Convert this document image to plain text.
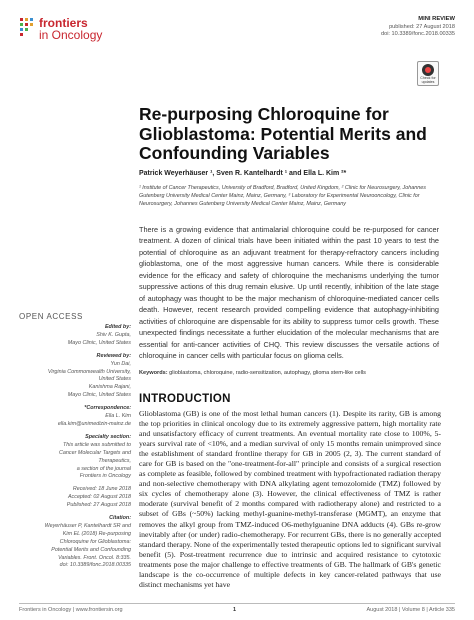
frontiers
in Oncology
MINI REVIEW
published: 27 August 2018
doi: 10.3389/fonc.2018.00335
Check for updates
Re-purposing Chloroquine for Glioblastoma: Potential Merits and Confounding Variables
Patrick Weyerhäuser ¹, Sven R. Kantelhardt ¹ and Ella L. Kim ²*
¹ Institute of Cancer Therapeutics, University of Bradford, Bradford, United Kingdom, ² Clinic for Neurosurgery, Johannes Gutenberg University Medical Center Mainz, Mainz, Germany, ³ Laboratory for Experimental Neurooncology, Clinic for Neurosurgery, Johannes Gutenberg University Medical Center Mainz, Mainz, Germany
There is a growing evidence that antimalarial chloroquine could be re-purposed for cancer treatment. A dozen of clinical trials have been initiated within the past 10 years to test the potential of chloroquine as an adjuvant treatment for therapy-refractory cancers including glioblastoma, one of the most aggressive human cancers. While there is considerable evidence for the efficacy and safety of chloroquine the mechanisms underlying the tumor suppressive actions of this drug remain elusive. Up until recently, inhibition of the late stage of autophagy was thought to be the major mechanism of chloroquine-mediated cancer cells death. However, recent research provided compelling evidence that autophagy-inhibiting activities of chloroquine are dispensable for its ability to suppress tumor cells growth. These unexpected findings necessitate a further elucidation of the molecular mechanisms that are essential for anti-cancer activities of CHQ. This review discusses the versatile actions of chloroquine in cancer cells with particular focus on glioma cells.
Keywords: glioblastoma, chloroquine, radio-sensitization, autophagy, glioma stem-like cells
OPEN ACCESS
Edited by:
Shiv K. Gupta,
Mayo Clinic, United States
Reviewed by:
Yun Dai,
Virginia Commonwealth University,
United States
Kanishma Rajani,
Mayo Clinic, United States
*Correspondence:
Ella L. Kim
ella.kim@unimedizin-mainz.de
Specialty section:
This article was submitted to
Cancer Molecular Targets and
Therapeutics,
a section of the journal
Frontiers in Oncology
Received: 18 June 2018
Accepted: 02 August 2018
Published: 27 August 2018
Citation:
Weyerhäuser P, Kantelhardt SR and
Kim EL (2018) Re-purposing
Chloroquine for Glioblastoma:
Potential Merits and Confounding
Variables. Front. Oncol. 8:335.
doi: 10.3389/fonc.2018.00335
INTRODUCTION
Glioblastoma (GB) is one of the most lethal human cancers (1). Despite its rarity, GB is among the top priorities in clinical oncology due to its extremely aggressive pattern, high mortality rate and unsatisfactory efficacy of current treatments. An eventual mortality rate close to 100%, 5-years survival rate of <10%, and a median survival of only 15 months remain unimproved since the establishment of standard frontline therapy for GB in 2005 (2, 3). The current standard of care for GB is based on the "one-treatment-for-all" principle and consists of a surgical resection as complete as feasible, followed by combined treatment with hypofractionated radiation therapy and non-selective chemotherapy with DNA alkylating agent temozolomide (TMZ) followed by six cycles of chemotherapy alone (3). However, the clinical effectiveness of TMZ is rather moderate (survival benefit of 2 months compared with radiotherapy alone) and restricted to a subset of GBs (~50%) lacking methyl-guanine-methyl-transferase (MGMT), an enzyme that removes the alkyl group from TMZ-induced O6-methylguanine DNA adducts (4). GBs re-grow inevitably after (or under) radio-chemotherapy. For recurrent GBs, there is no generally accepted standard therapy. None of the experimentally tested therapeutic options led to significant survival benefit (5). Post-treatment recurrence due to intrinsic and acquired resistance to cytotoxic treatments pose the major challenge to effective treatments of GB. The hallmark of GB's genetic landscape is the co-occurrence of multiple defects in key cancer-related pathways that use distinct mechanisms yet have
Frontiers in Oncology | www.frontiersin.org	1	August 2018 | Volume 8 | Article 335
